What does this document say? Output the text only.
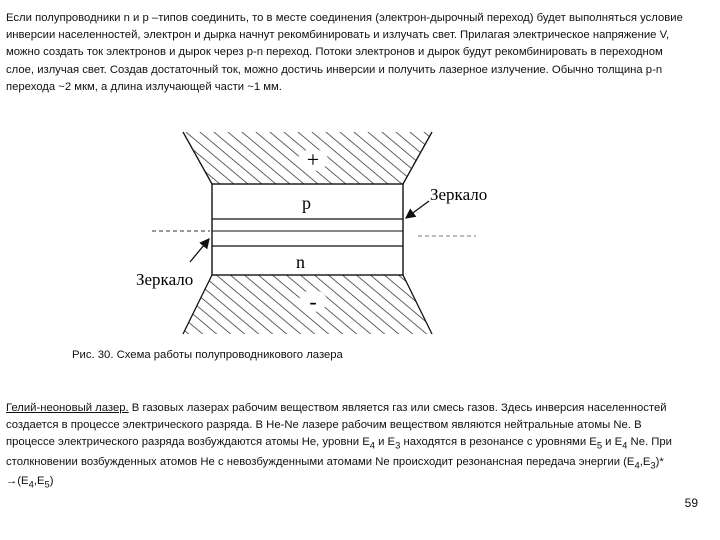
Если полупроводники n и p –типов соединить, то в месте соединения (электрон-дырочный переход) будет выполняться условие инверсии населенностей, электрон и дырка начнут рекомбинировать и излучать свет. Прилагая электрическое напряжение V, можно создать ток электронов и дырок через p-n переход. Потоки электронов и дырок будут рекомбинировать в переходном слое, излучая свет. Создав достаточный ток, можно достичь инверсии и получить лазерное излучение. Обычно толщина p-n перехода ~2 мкм, а длина излучающей части ~1 мм.

+
-
p
n
Зеркало
Зеркало

Рис. 30. Схема работы полупроводникового лазера

Гелий-неоновый лазер. В газовых лазерах рабочим веществом является газ или смесь газов. Здесь инверсия населенностей создается в процессе электрического разряда. В He-Ne лазере рабочим веществом являются нейтральные атомы Ne. В процессе электрического разряда возбуждаются атомы He, уровни $E_4$ и $E_3$ находятся в резонансе с уровнями $E_5$ и $E_4$ Ne. При столкновении возбужденных атомов He с невозбужденными атомами Ne происходит резонансная передача энергии $(E_4,E_3)* \to(E_4,E_5)$

59
